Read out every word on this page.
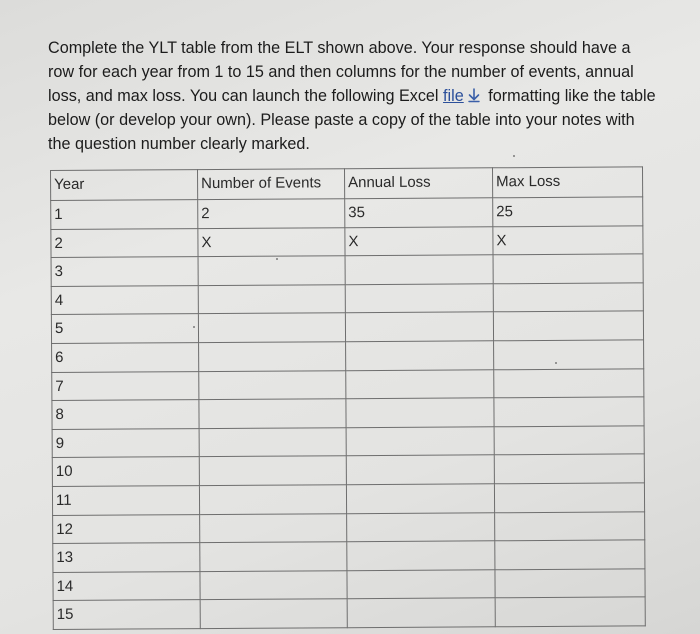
Complete the YLT table from the ELT shown above. Your response should have a row for each year from 1 to 15 and then columns for the number of events, annual loss, and max loss. You can launch the following Excel file
formatting like the table below (or develop your own). Please paste a copy of the table into your notes with the question number clearly marked.

Year	Number of Events	Annual Loss	Max Loss
1	2	35	25
2	X	X	X
3			
4			
5			
6			
7			
8			
9			
10			
11			
12			
13			
14			
15			
